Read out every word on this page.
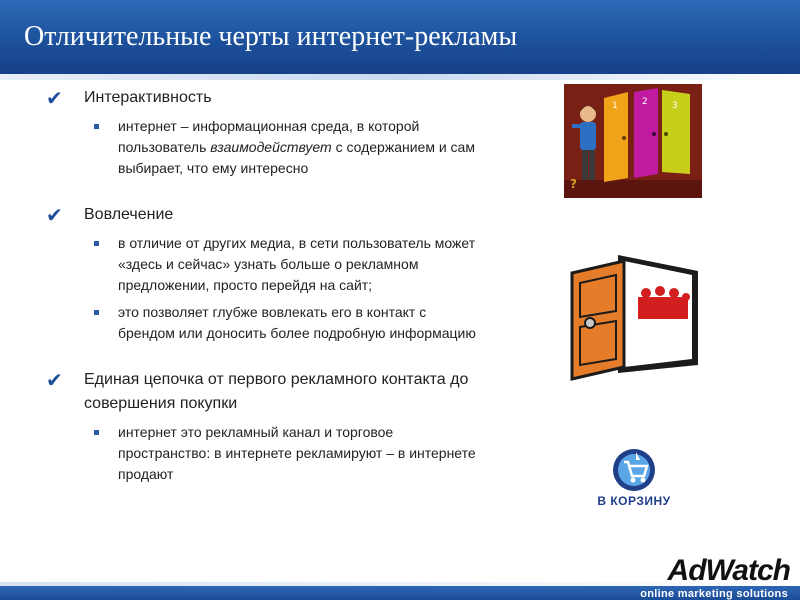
Отличительные черты интернет-рекламы
✔ Интерактивность
интернет – информационная среда, в которой пользователь взаимодействует с содержанием и сам выбирает, что ему интересно
✔ Вовлечение
в отличие от других медиа, в сети пользователь может «здесь и сейчас» узнать больше о рекламном предложении, просто перейдя на сайт;
это позволяет глубже вовлекать его в контакт с брендом или доносить более подробную информацию
✔ Единая цепочка от первого рекламного контакта до совершения покупки
интернет это рекламный канал и торговое пространство: в интернете рекламируют – в интернете продают
1	2	3
?
В КОРЗИНУ
AdWatch
online marketing solutions
